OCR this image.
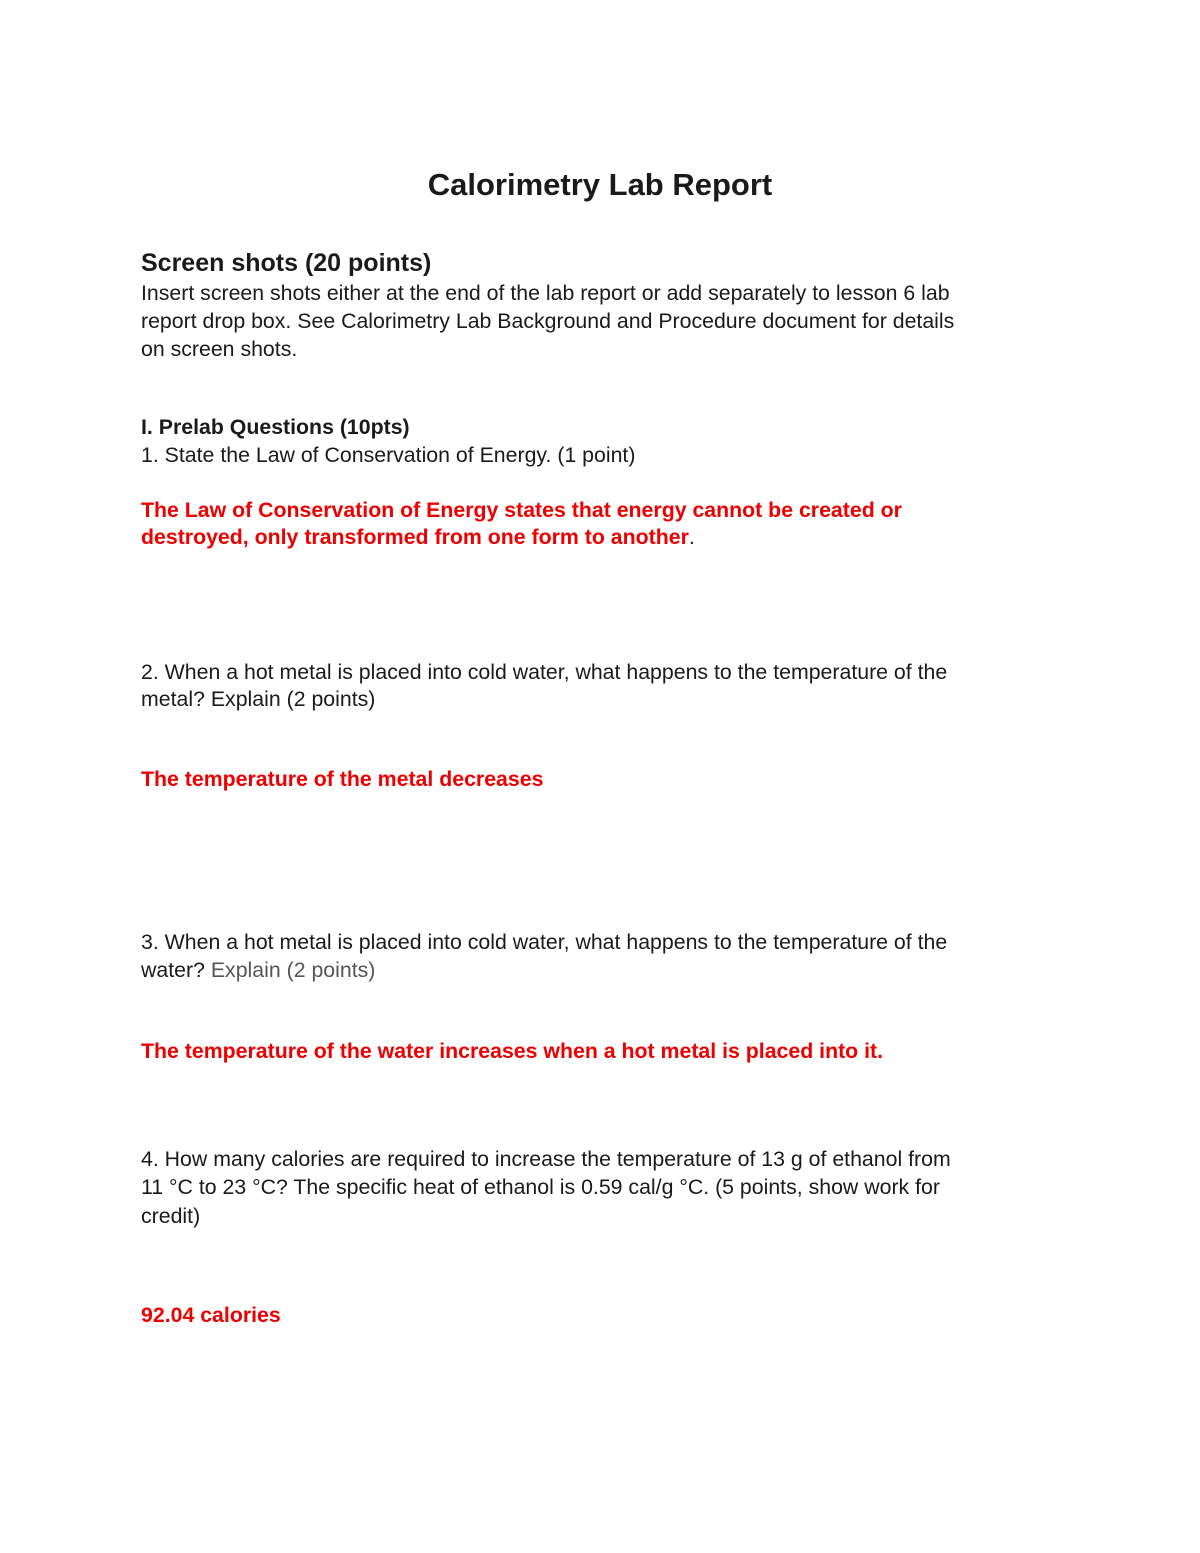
Calorimetry Lab Report
Screen shots (20 points)
Insert screen shots either at the end of the lab report or add separately to lesson 6 lab
report drop box. See Calorimetry Lab Background and Procedure document for details
on screen shots.
I. Prelab Questions (10pts)
1. State the Law of Conservation of Energy. (1 point)
The Law of Conservation of Energy states that energy cannot be created or
destroyed, only transformed from one form to another.
2. When a hot metal is placed into cold water, what happens to the temperature of the
metal? Explain (2 points)
The temperature of the metal decreases
3. When a hot metal is placed into cold water, what happens to the temperature of the
water? Explain (2 points)
The temperature of the water increases when a hot metal is placed into it.
4. How many calories are required to increase the temperature of 13 g of ethanol from
11 °C to 23 °C? The specific heat of ethanol is 0.59 cal/g °C. (5 points, show work for
credit)
92.04 calories
